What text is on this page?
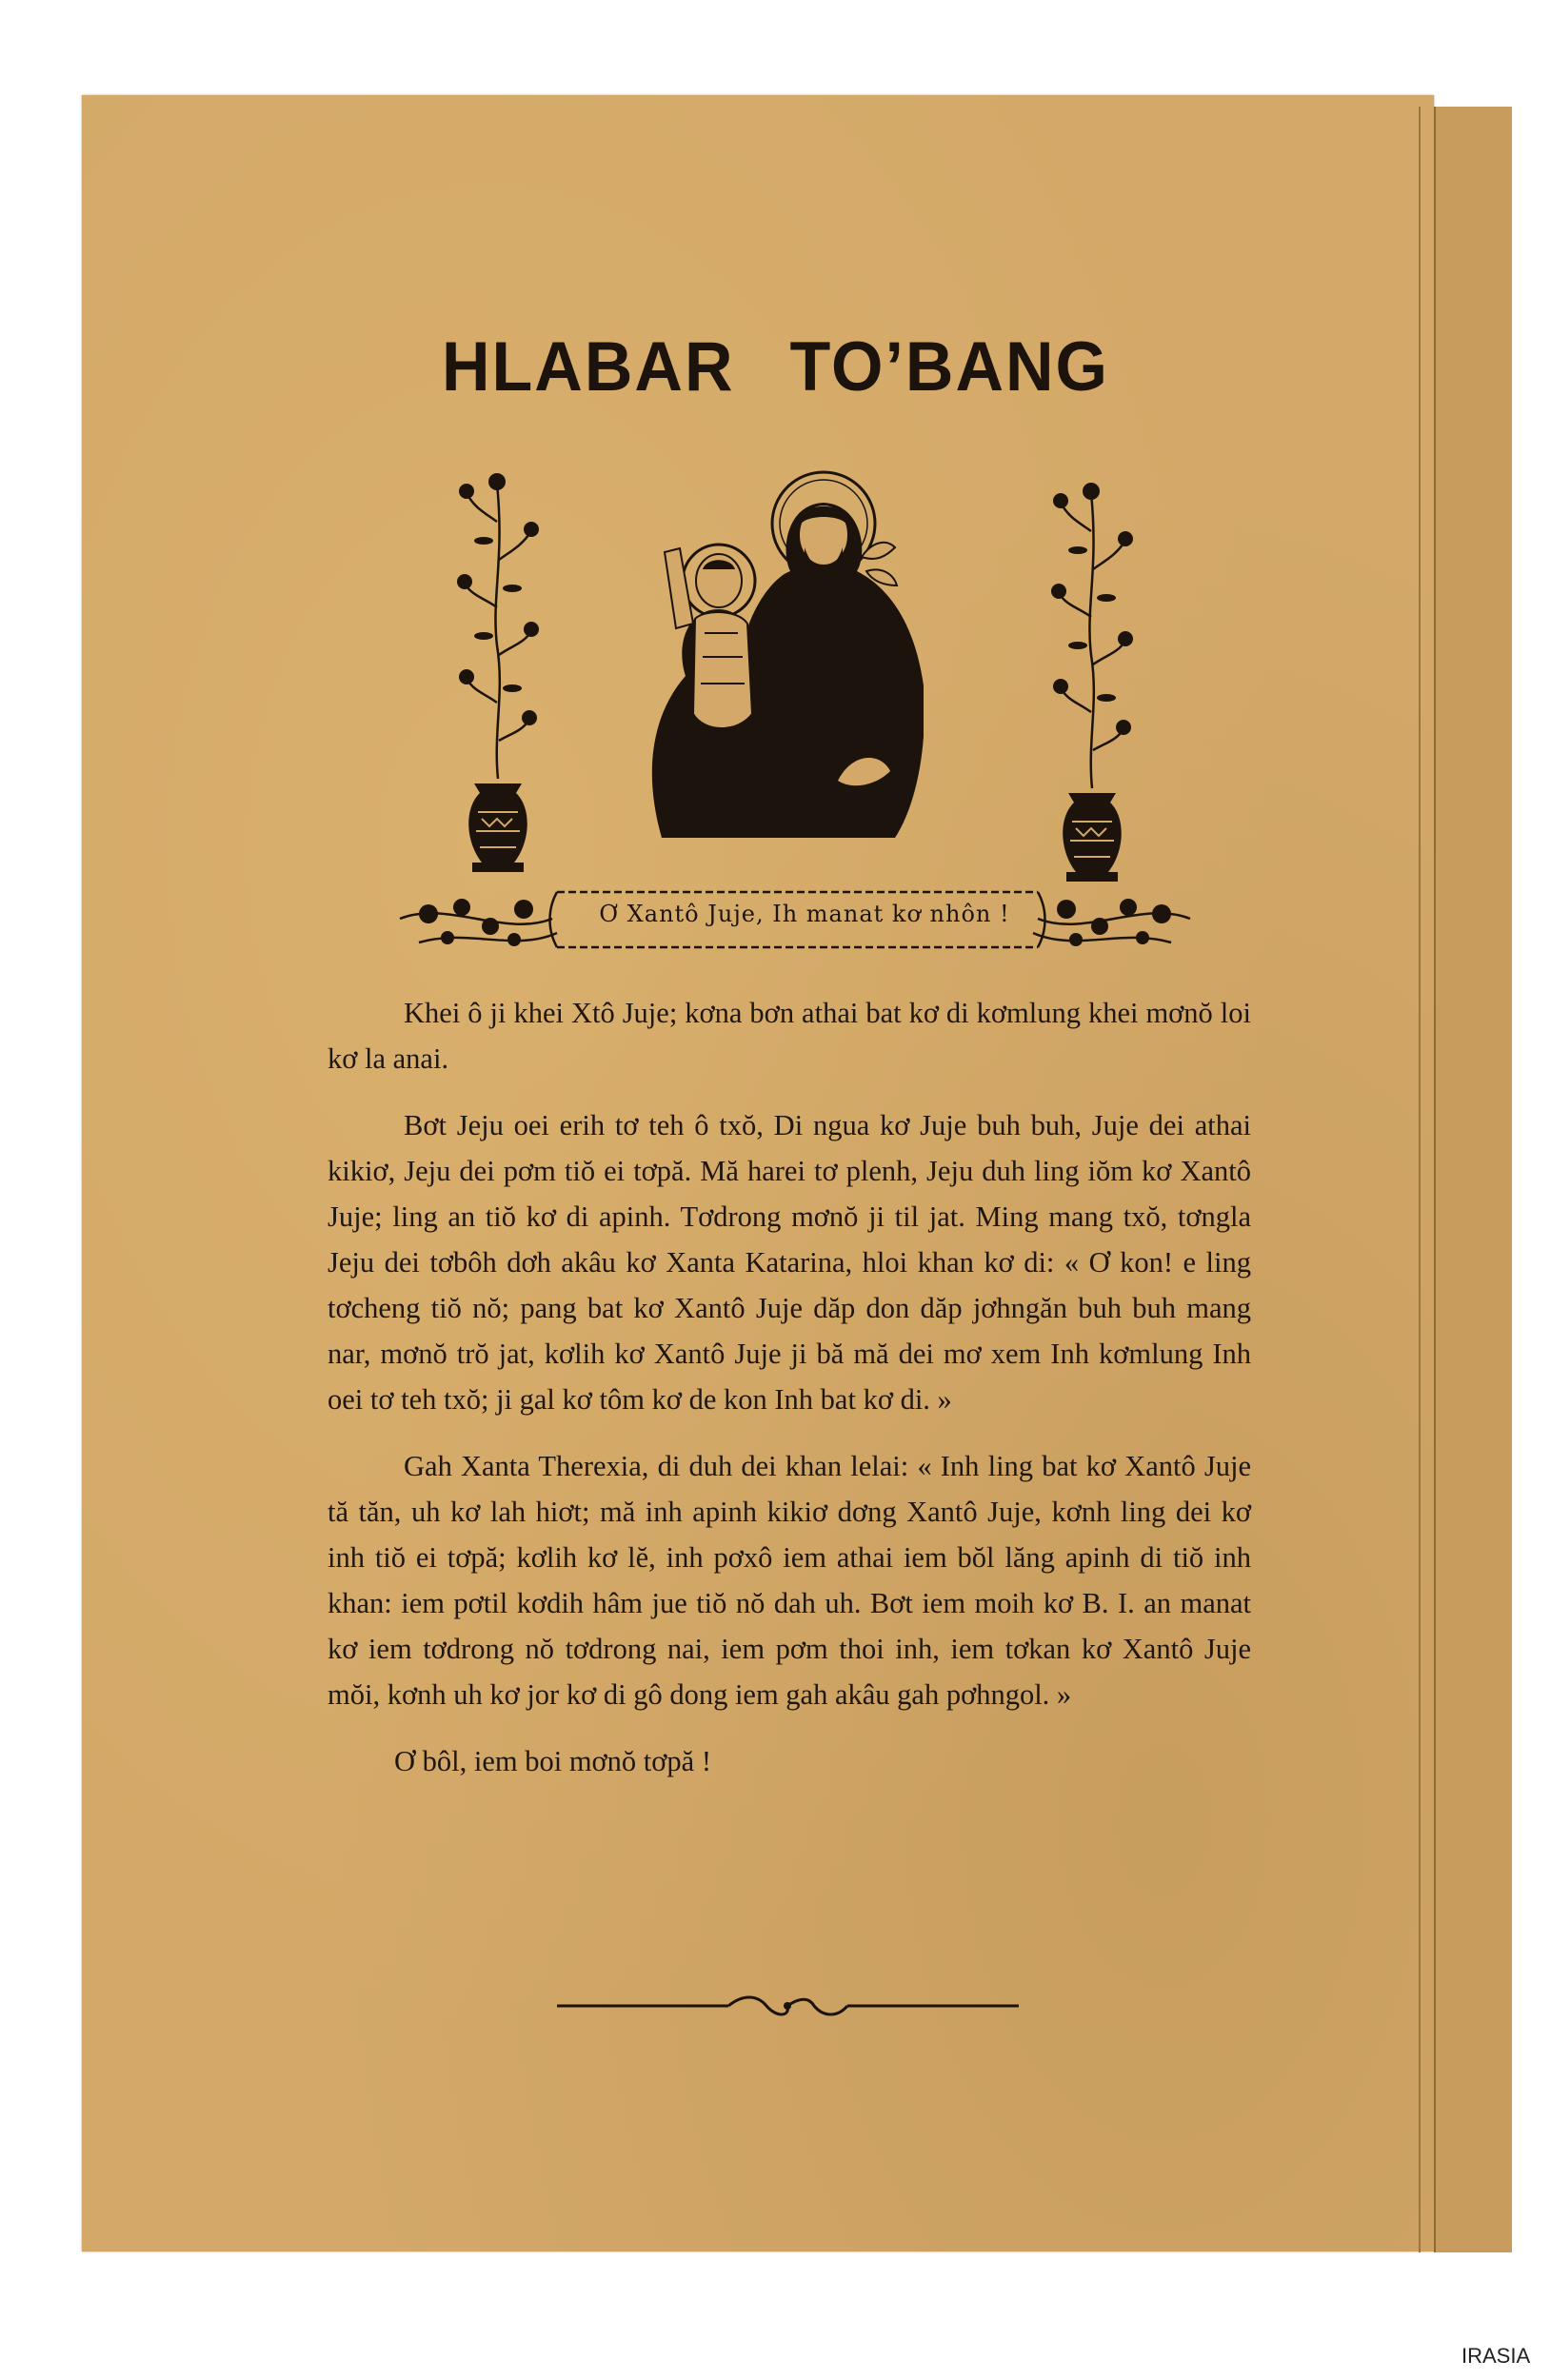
HLABAR TO’BANG
Ơ Xantô Juje, Ih manat kơ nhôn !

Khei ô ji khei Xtô Juje; kơna bơn athai bat kơ di kơmlung khei mơnŏ loi kơ la anai.

Bơt Jeju oei erih tơ teh ô txŏ, Di ngua kơ Juje buh buh, Juje dei athai kikiơ, Jeju dei pơm tiŏ ei tơpă. Mă harei tơ plenh, Jeju duh ling iŏm kơ Xantô Juje; ling an tiŏ kơ di apinh. Tơdrong mơnŏ ji til jat. Ming mang txŏ, tơngla Jeju dei tơbôh dơh akâu kơ Xanta Katarina, hloi khan kơ di: « Ơ kon! e ling tơcheng tiŏ nŏ; pang bat kơ Xantô Juje dăp don dăp jơhngăn buh buh mang nar, mơnŏ trŏ jat, kơlih kơ Xantô Juje ji bă mă dei mơ xem Inh kơmlung Inh oei tơ teh txŏ; ji gal kơ tôm kơ de kon Inh bat kơ di. »

Gah Xanta Therexia, di duh dei khan lelai: « Inh ling bat kơ Xantô Juje tă tăn, uh kơ lah hiơt; mă inh apinh kikiơ dơng Xantô Juje, kơnh ling dei kơ inh tiŏ ei tơpă; kơlih kơ lĕ, inh pơxô iem athai iem bŏl lăng apinh di tiŏ inh khan: iem pơtil kơdih hâm jue tiŏ nŏ dah uh. Bơt iem moih kơ B. I. an manat kơ iem tơdrong nŏ tơdrong nai, iem pơm thoi inh, iem tơkan kơ Xantô Juje mŏi, kơnh uh kơ jor kơ di gô dong iem gah akâu gah pơhngol. »

Ơ bôl, iem boi mơnŏ tơpă !

IRASIA
